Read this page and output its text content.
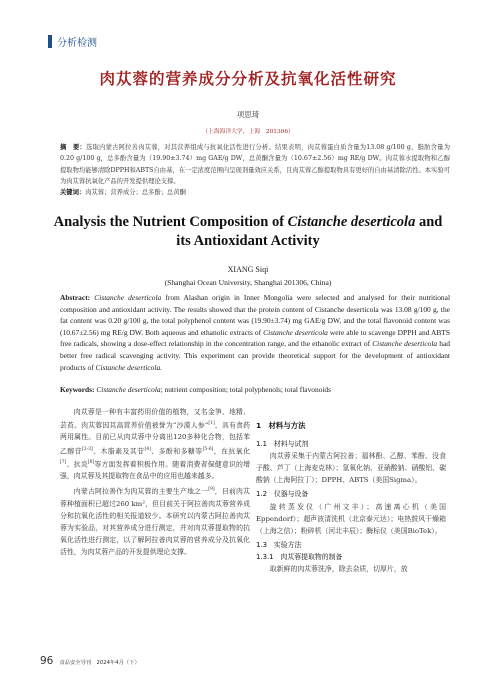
分析检测
肉苁蓉的营养成分分析及抗氧化活性研究
项思琦
（上海海洋大学，上海　201306）
摘　要：选取内蒙古阿拉善肉苁蓉，对其营养组成与抗氧化活性进行分析。结果表明，肉苁蓉蛋白质含量为13.08 g/100 g，脂肪含量为0.20 g/100 g，总多酚含量为（19.90±3.74）mg GAE/g DW，总黄酮含量为（10.67±2.56）mg RE/g DW。肉苁蓉水提取物和乙醇提取物均能够清除DPPH和ABTS自由基，在一定浓度范围内呈现剂量效应关系，且肉苁蓉乙醇提取物具有更好的自由基清除活性。本实验可为肉苁蓉抗氧化产品的开发提供理论支撑。
关键词：肉苁蓉；营养成分；总多酚；总黄酮
Analysis the Nutrient Composition of Cistanche deserticola and its Antioxidant Activity
XIANG Siqi
(Shanghai Ocean University, Shanghai 201306, China)
Abstract: Cistanche deserticola from Alashan origin in Inner Mongolia were selected and analysed for their nutritional composition and antioxidant activity. The results showed that the protein content of Cistanche deserticola was 13.08 g/100 g, the fat content was 0.20 g/100 g, the total polyphenol content was (19.90±3.74) mg GAE/g DW, and the total flavonoid content was (10.67±2.56) mg RE/g DW. Both aqueous and ethanolic extracts of Cistanche deserticola were able to scavenge DPPH and ABTS free radicals, showing a dose-effect relationship in the concentration range, and the ethanolic extract of Cistanche deserticola had better free radical scavenging activity. This experiment can provide theoretical support for the development of antioxidant products of Cistanche deserticola.
Keywords: Cistanche deserticola; nutrient composition; total polyphenols; total flavonoids

肉苁蓉是一种有丰富药用价值的植物，又名金笋、地精、芸苔。肉苁蓉因其高营养价值被誉为“沙漠人参”[1]，具有食药两用属性。目前已从肉苁蓉中分离出120多种化合物，包括苯乙醇苷[2-3]、木脂素及其苷[4]、多酚和多糖等[5-6]，在抗氧化[7]、抗炎[8]等方面发挥着积极作用。随着消费者保健意识的增强，肉苁蓉及其提取物在食品中的应用也越来越多。

内蒙古阿拉善作为肉苁蓉的主要生产地之一[9]，目前肉苁蓉种植面积已超过260 km²，但目前关于阿拉善肉苁蓉营养成分和抗氧化活性的相关报道较少。本研究以内蒙古阿拉善肉苁蓉为实验品，对其营养成分进行测定，并对肉苁蓉提取物的抗氧化活性进行测定，以了解阿拉善肉苁蓉的营养成分及抗氧化活性，为肉苁蓉产品的开发提供理论支撑。

1　材料与方法
1.1　材料与试剂

肉苁蓉采集于内蒙古阿拉善；福林酚、乙醇、苯酚、没食子酸、芦丁（上海麦克林）；氢氧化钠、亚硝酸钠、硝酸铝、碳酸钠（上海阿拉丁）；DPPH、ABTS（美国Sigma）。

1.2　仪器与设备

旋转蒸发仪（广州文丰）；高速离心机（美国Eppendorf）；超声波清洗机（北京泰元达）；电热鼓风干燥箱（上海之信）；粉碎机（河北丰辰）；酶标仪（美国BioTek）。

1.3　实验方法
1.3.1　肉苁蓉提取物的制备

取新鲜的肉苁蓉洗净，除去杂质，切厚片，放

96 食品安全导刊　2024年4月（下）
